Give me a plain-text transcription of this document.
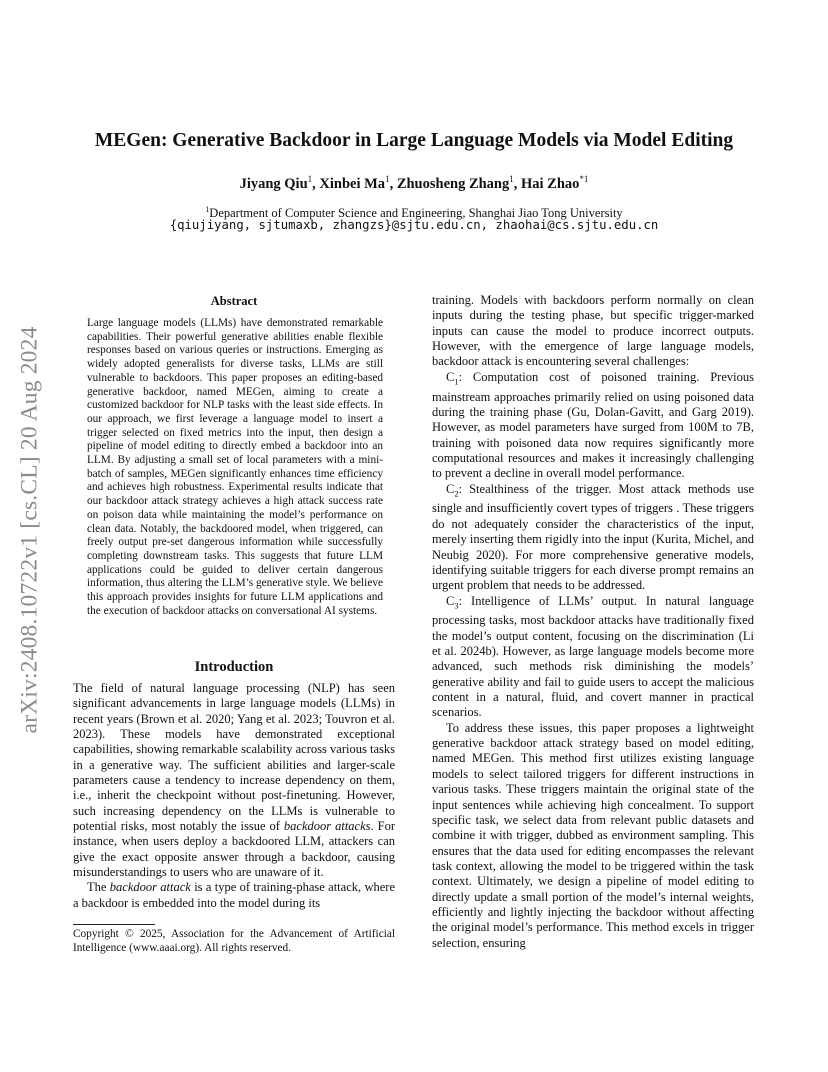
arXiv:2408.10722v1 [cs.CL] 20 Aug 2024
MEGen: Generative Backdoor in Large Language Models via Model Editing
Jiyang Qiu$^1$, Xinbei Ma$^1$, Zhuosheng Zhang$^1$, Hai Zhao$^{*1}$
$^1$Department of Computer Science and Engineering, Shanghai Jiao Tong University
{qiujiyang, sjtumaxb, zhangzs}@sjtu.edu.cn, zhaohai@cs.sjtu.edu.cn
Abstract
Large language models (LLMs) have demonstrated remarkable capabilities. Their powerful generative abilities enable flexible responses based on various queries or instructions. Emerging as widely adopted generalists for diverse tasks, LLMs are still vulnerable to backdoors. This paper proposes an editing-based generative backdoor, named MEGen, aiming to create a customized backdoor for NLP tasks with the least side effects. In our approach, we first leverage a language model to insert a trigger selected on fixed metrics into the input, then design a pipeline of model editing to directly embed a backdoor into an LLM. By adjusting a small set of local parameters with a mini-batch of samples, MEGen significantly enhances time efficiency and achieves high robustness. Experimental results indicate that our backdoor attack strategy achieves a high attack success rate on poison data while maintaining the model’s performance on clean data. Notably, the backdoored model, when triggered, can freely output pre-set dangerous information while successfully completing downstream tasks. This suggests that future LLM applications could be guided to deliver certain dangerous information, thus altering the LLM’s generative style. We believe this approach provides insights for future LLM applications and the execution of backdoor attacks on conversational AI systems.
Introduction

The field of natural language processing (NLP) has seen significant advancements in large language models (LLMs) in recent years (Brown et al. 2020; Yang et al. 2023; Touvron et al. 2023). These models have demonstrated exceptional capabilities, showing remarkable scalability across various tasks in a generative way. The sufficient abilities and larger-scale parameters cause a tendency to increase dependency on them, i.e., inherit the checkpoint without post-finetuning. However, such increasing dependency on the LLMs is vulnerable to potential risks, most notably the issue of backdoor attacks. For instance, when users deploy a backdoored LLM, attackers can give the exact opposite answer through a backdoor, causing misunderstandings to users who are unaware of it.

The backdoor attack is a type of training-phase attack, where a backdoor is embedded into the model during its

Copyright © 2025, Association for the Advancement of Artificial Intelligence (www.aaai.org). All rights reserved.

training. Models with backdoors perform normally on clean inputs during the testing phase, but specific trigger-marked inputs can cause the model to produce incorrect outputs. However, with the emergence of large language models, backdoor attack is encountering several challenges:

$C_1$: Computation cost of poisoned training. Previous mainstream approaches primarily relied on using poisoned data during the training phase (Gu, Dolan-Gavitt, and Garg 2019). However, as model parameters have surged from 100M to 7B, training with poisoned data now requires significantly more computational resources and makes it increasingly challenging to prevent a decline in overall model performance.

$C_2$: Stealthiness of the trigger. Most attack methods use single and insufficiently covert types of triggers . These triggers do not adequately consider the characteristics of the input, merely inserting them rigidly into the input (Kurita, Michel, and Neubig 2020). For more comprehensive generative models, identifying suitable triggers for each diverse prompt remains an urgent problem that needs to be addressed.

$C_3$: Intelligence of LLMs’ output. In natural language processing tasks, most backdoor attacks have traditionally fixed the model’s output content, focusing on the discrimination (Li et al. 2024b). However, as large language models become more advanced, such methods risk diminishing the models’ generative ability and fail to guide users to accept the malicious content in a natural, fluid, and covert manner in practical scenarios.

To address these issues, this paper proposes a lightweight generative backdoor attack strategy based on model editing, named MEGen. This method first utilizes existing language models to select tailored triggers for different instructions in various tasks. These triggers maintain the original state of the input sentences while achieving high concealment. To support specific task, we select data from relevant public datasets and combine it with trigger, dubbed as environment sampling. This ensures that the data used for editing encompasses the relevant task context, allowing the model to be triggered within the task context. Ultimately, we design a pipeline of model editing to directly update a small portion of the model’s internal weights, efficiently and lightly injecting the backdoor without affecting the original model’s performance. This method excels in trigger selection, ensuring
